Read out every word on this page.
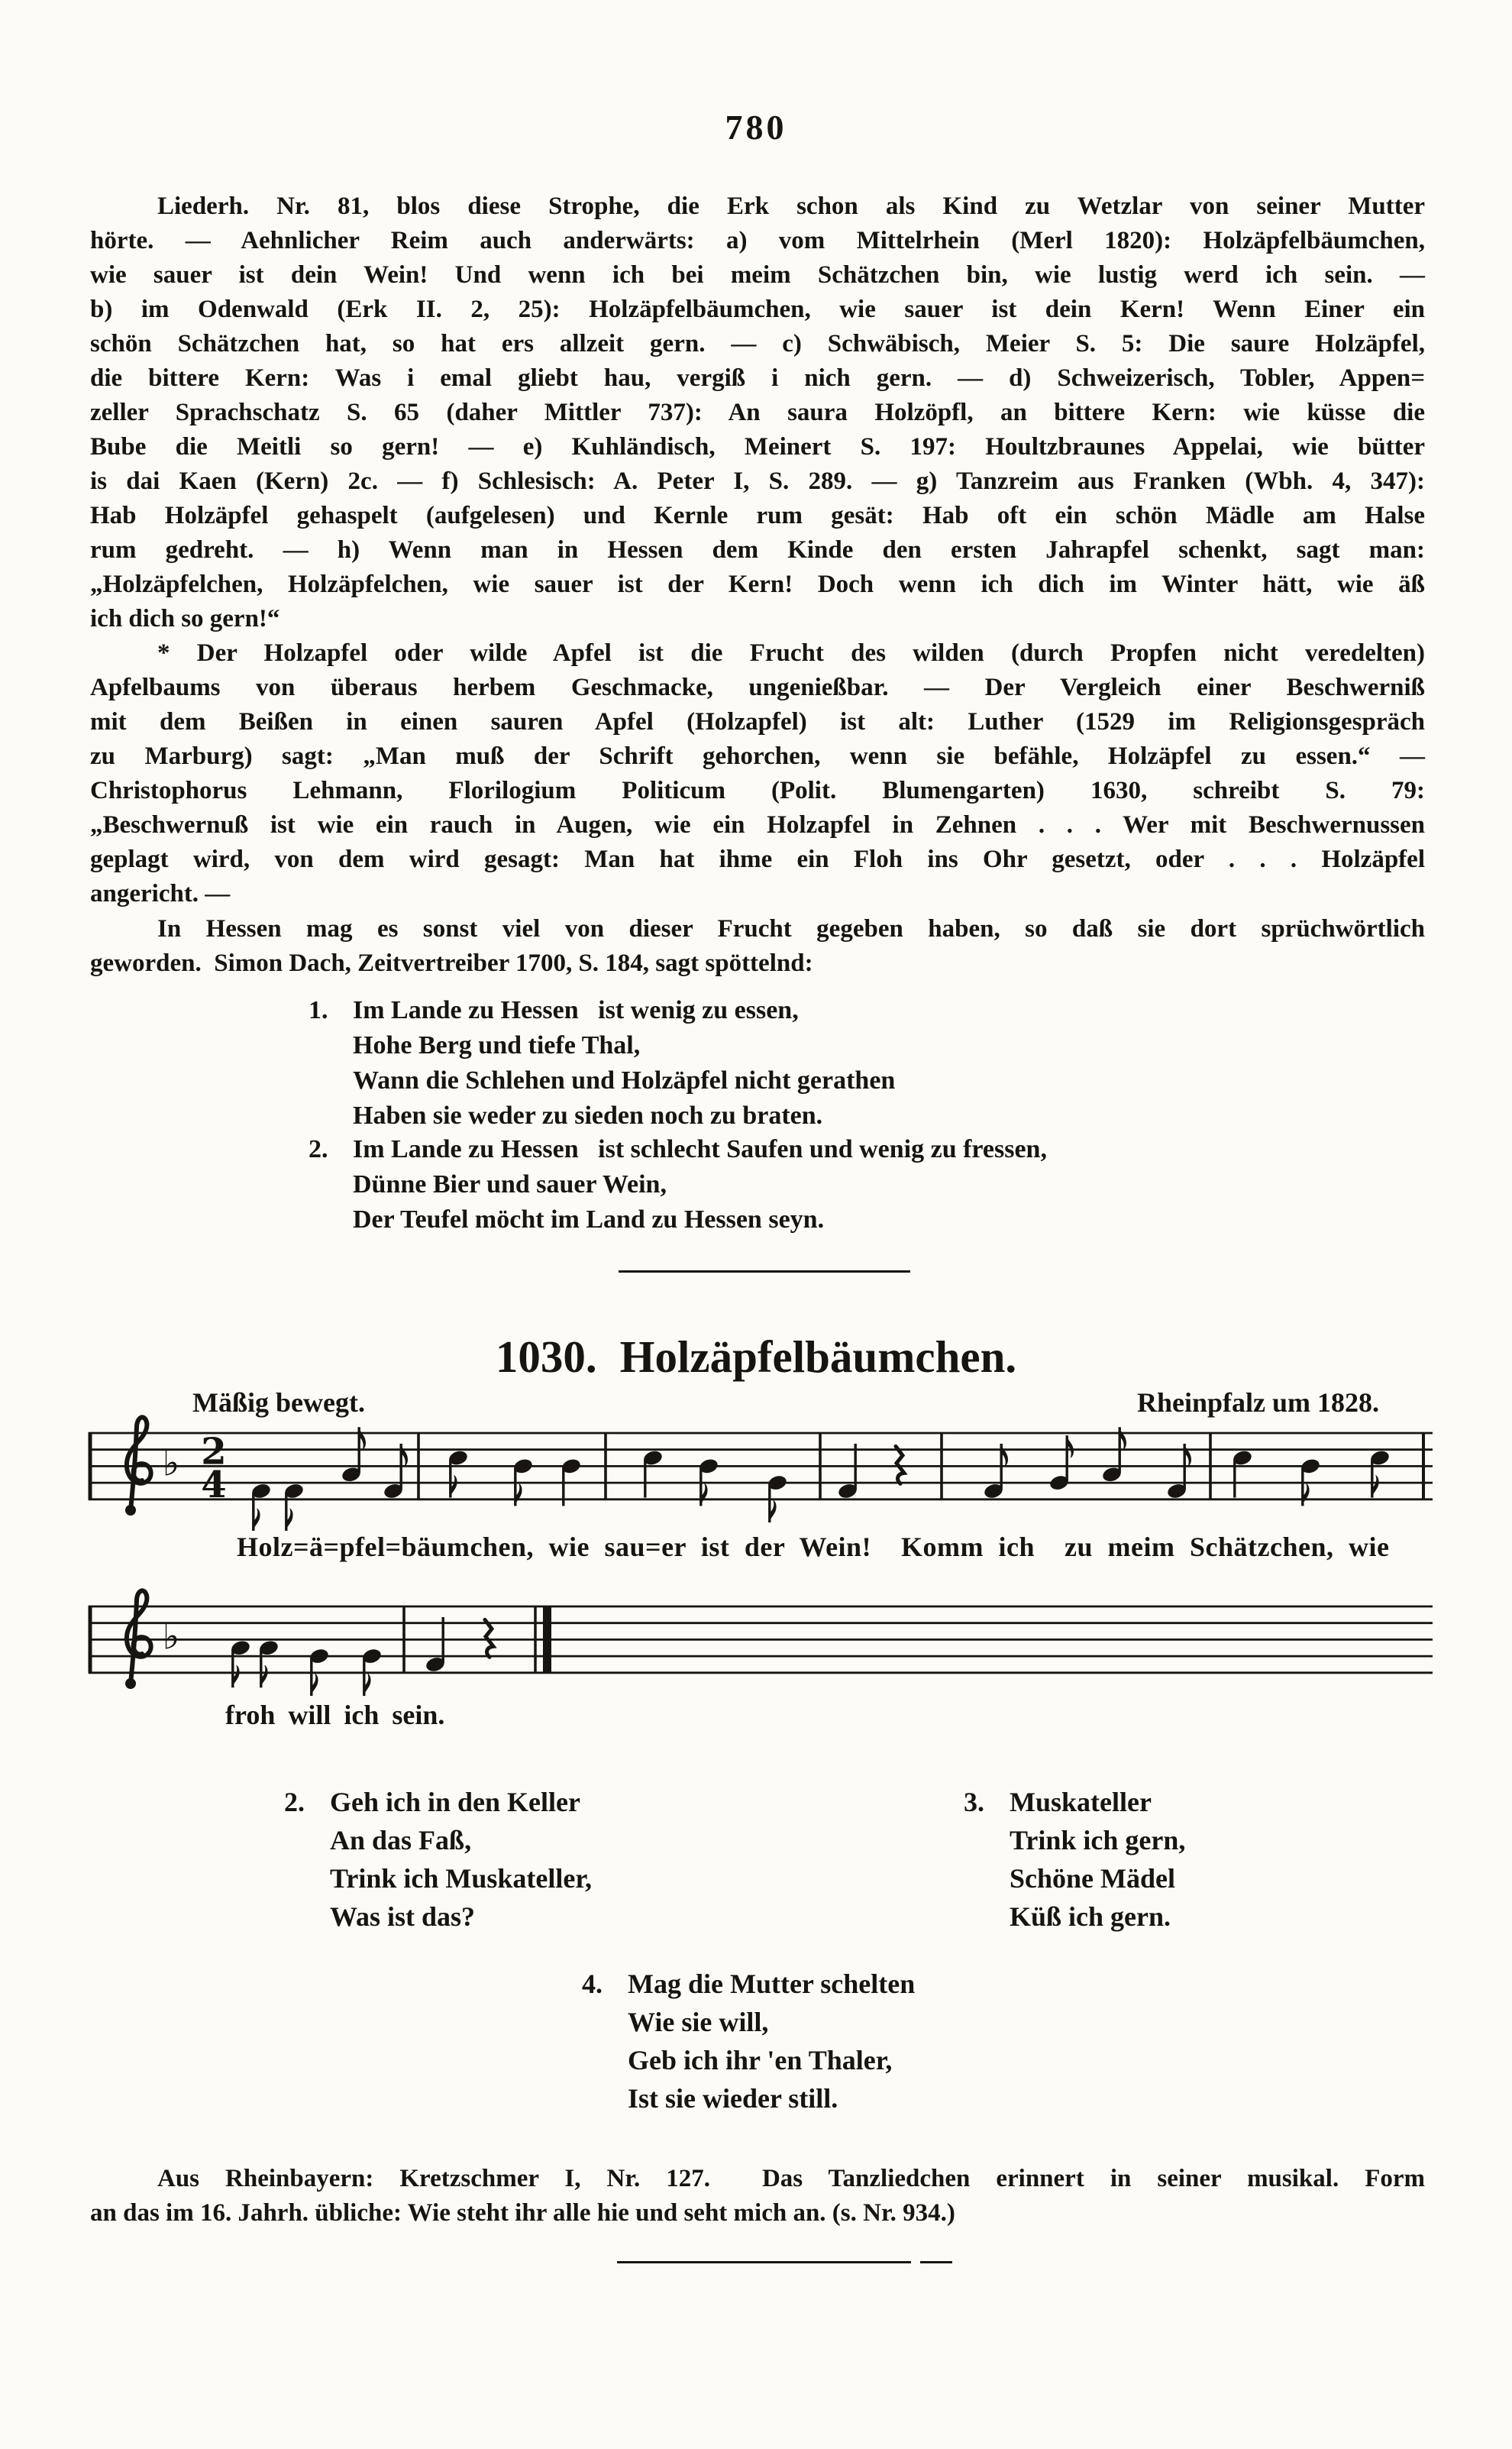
780
Liederh. Nr. 81, blos diese Strophe, die Erk schon als Kind zu Wetzlar von seiner Mutter
hörte. — Aehnlicher Reim auch anderwärts: a) vom Mittelrhein (Merl 1820): Holzäpfelbäumchen,
wie sauer ist dein Wein! Und wenn ich bei meim Schätzchen bin, wie lustig werd ich sein. —
b) im Odenwald (Erk II. 2, 25): Holzäpfelbäumchen, wie sauer ist dein Kern! Wenn Einer ein
schön Schätzchen hat, so hat ers allzeit gern. — c) Schwäbisch, Meier S. 5: Die saure Holzäpfel,
die bittere Kern: Was i emal gliebt hau, vergiß i nich gern. — d) Schweizerisch, Tobler, Appen=
zeller Sprachschatz S. 65 (daher Mittler 737): An saura Holzöpfl, an bittere Kern: wie küsse die
Bube die Meitli so gern! — e) Kuhländisch, Meinert S. 197: Houltzbraunes Appelai, wie bütter
is dai Kaen (Kern) 2c. — f) Schlesisch: A. Peter I, S. 289. — g) Tanzreim aus Franken (Wbh. 4, 347):
Hab Holzäpfel gehaspelt (aufgelesen) und Kernle rum gesät: Hab oft ein schön Mädle am Halse
rum gedreht. — h) Wenn man in Hessen dem Kinde den ersten Jahrapfel schenkt, sagt man:
„Holzäpfelchen, Holzäpfelchen, wie sauer ist der Kern! Doch wenn ich dich im Winter hätt, wie äß
ich dich so gern!“
* Der Holzapfel oder wilde Apfel ist die Frucht des wilden (durch Propfen nicht veredelten)
Apfelbaums von überaus herbem Geschmacke, ungenießbar. — Der Vergleich einer Beschwerniß
mit dem Beißen in einen sauren Apfel (Holzapfel) ist alt: Luther (1529 im Religionsgespräch
zu Marburg) sagt: „Man muß der Schrift gehorchen, wenn sie befähle, Holzäpfel zu essen.“ —
Christophorus Lehmann, Florilogium Politicum (Polit. Blumengarten) 1630, schreibt S. 79:
„Beschwernuß ist wie ein rauch in Augen, wie ein Holzapfel in Zehnen . . . Wer mit Beschwernussen
geplagt wird, von dem wird gesagt: Man hat ihme ein Floh ins Ohr gesetzt, oder . . . Holzäpfel
angericht. —
In Hessen mag es sonst viel von dieser Frucht gegeben haben, so daß sie dort sprüchwörtlich
geworden.  Simon Dach, Zeitvertreiber 1700, S. 184, sagt spöttelnd:
1. Im Lande zu Hessen   ist wenig zu essen,
Hohe Berg und tiefe Thal,
Wann die Schlehen und Holzäpfel nicht gerathen
Haben sie weder zu sieden noch zu braten.
2. Im Lande zu Hessen   ist schlecht Saufen und wenig zu fressen,
Dünne Bier und sauer Wein,
Der Teufel möcht im Land zu Hessen seyn.
1030. Holzäpfelbäumchen.
Mäßig bewegt.	Rheinpfalz um 1828.
♭ 2
4
Holz=ä=pfel=bäumchen, wie sau=er ist der Wein!  Komm ich  zu meim Schätzchen, wie
♭
froh will ich sein.
2. Geh ich in den Keller
An das Faß,
Trink ich Muskateller,
Was ist das?
3. Muskateller
Trink ich gern,
Schöne Mädel
Küß ich gern.
4. Mag die Mutter schelten
Wie sie will,
Geb ich ihr 'en Thaler,
Ist sie wieder still.
Aus Rheinbayern: Kretzschmer I, Nr. 127.  Das Tanzliedchen erinnert in seiner musikal. Form
an das im 16. Jahrh. übliche: Wie steht ihr alle hie und seht mich an. (s. Nr. 934.)
